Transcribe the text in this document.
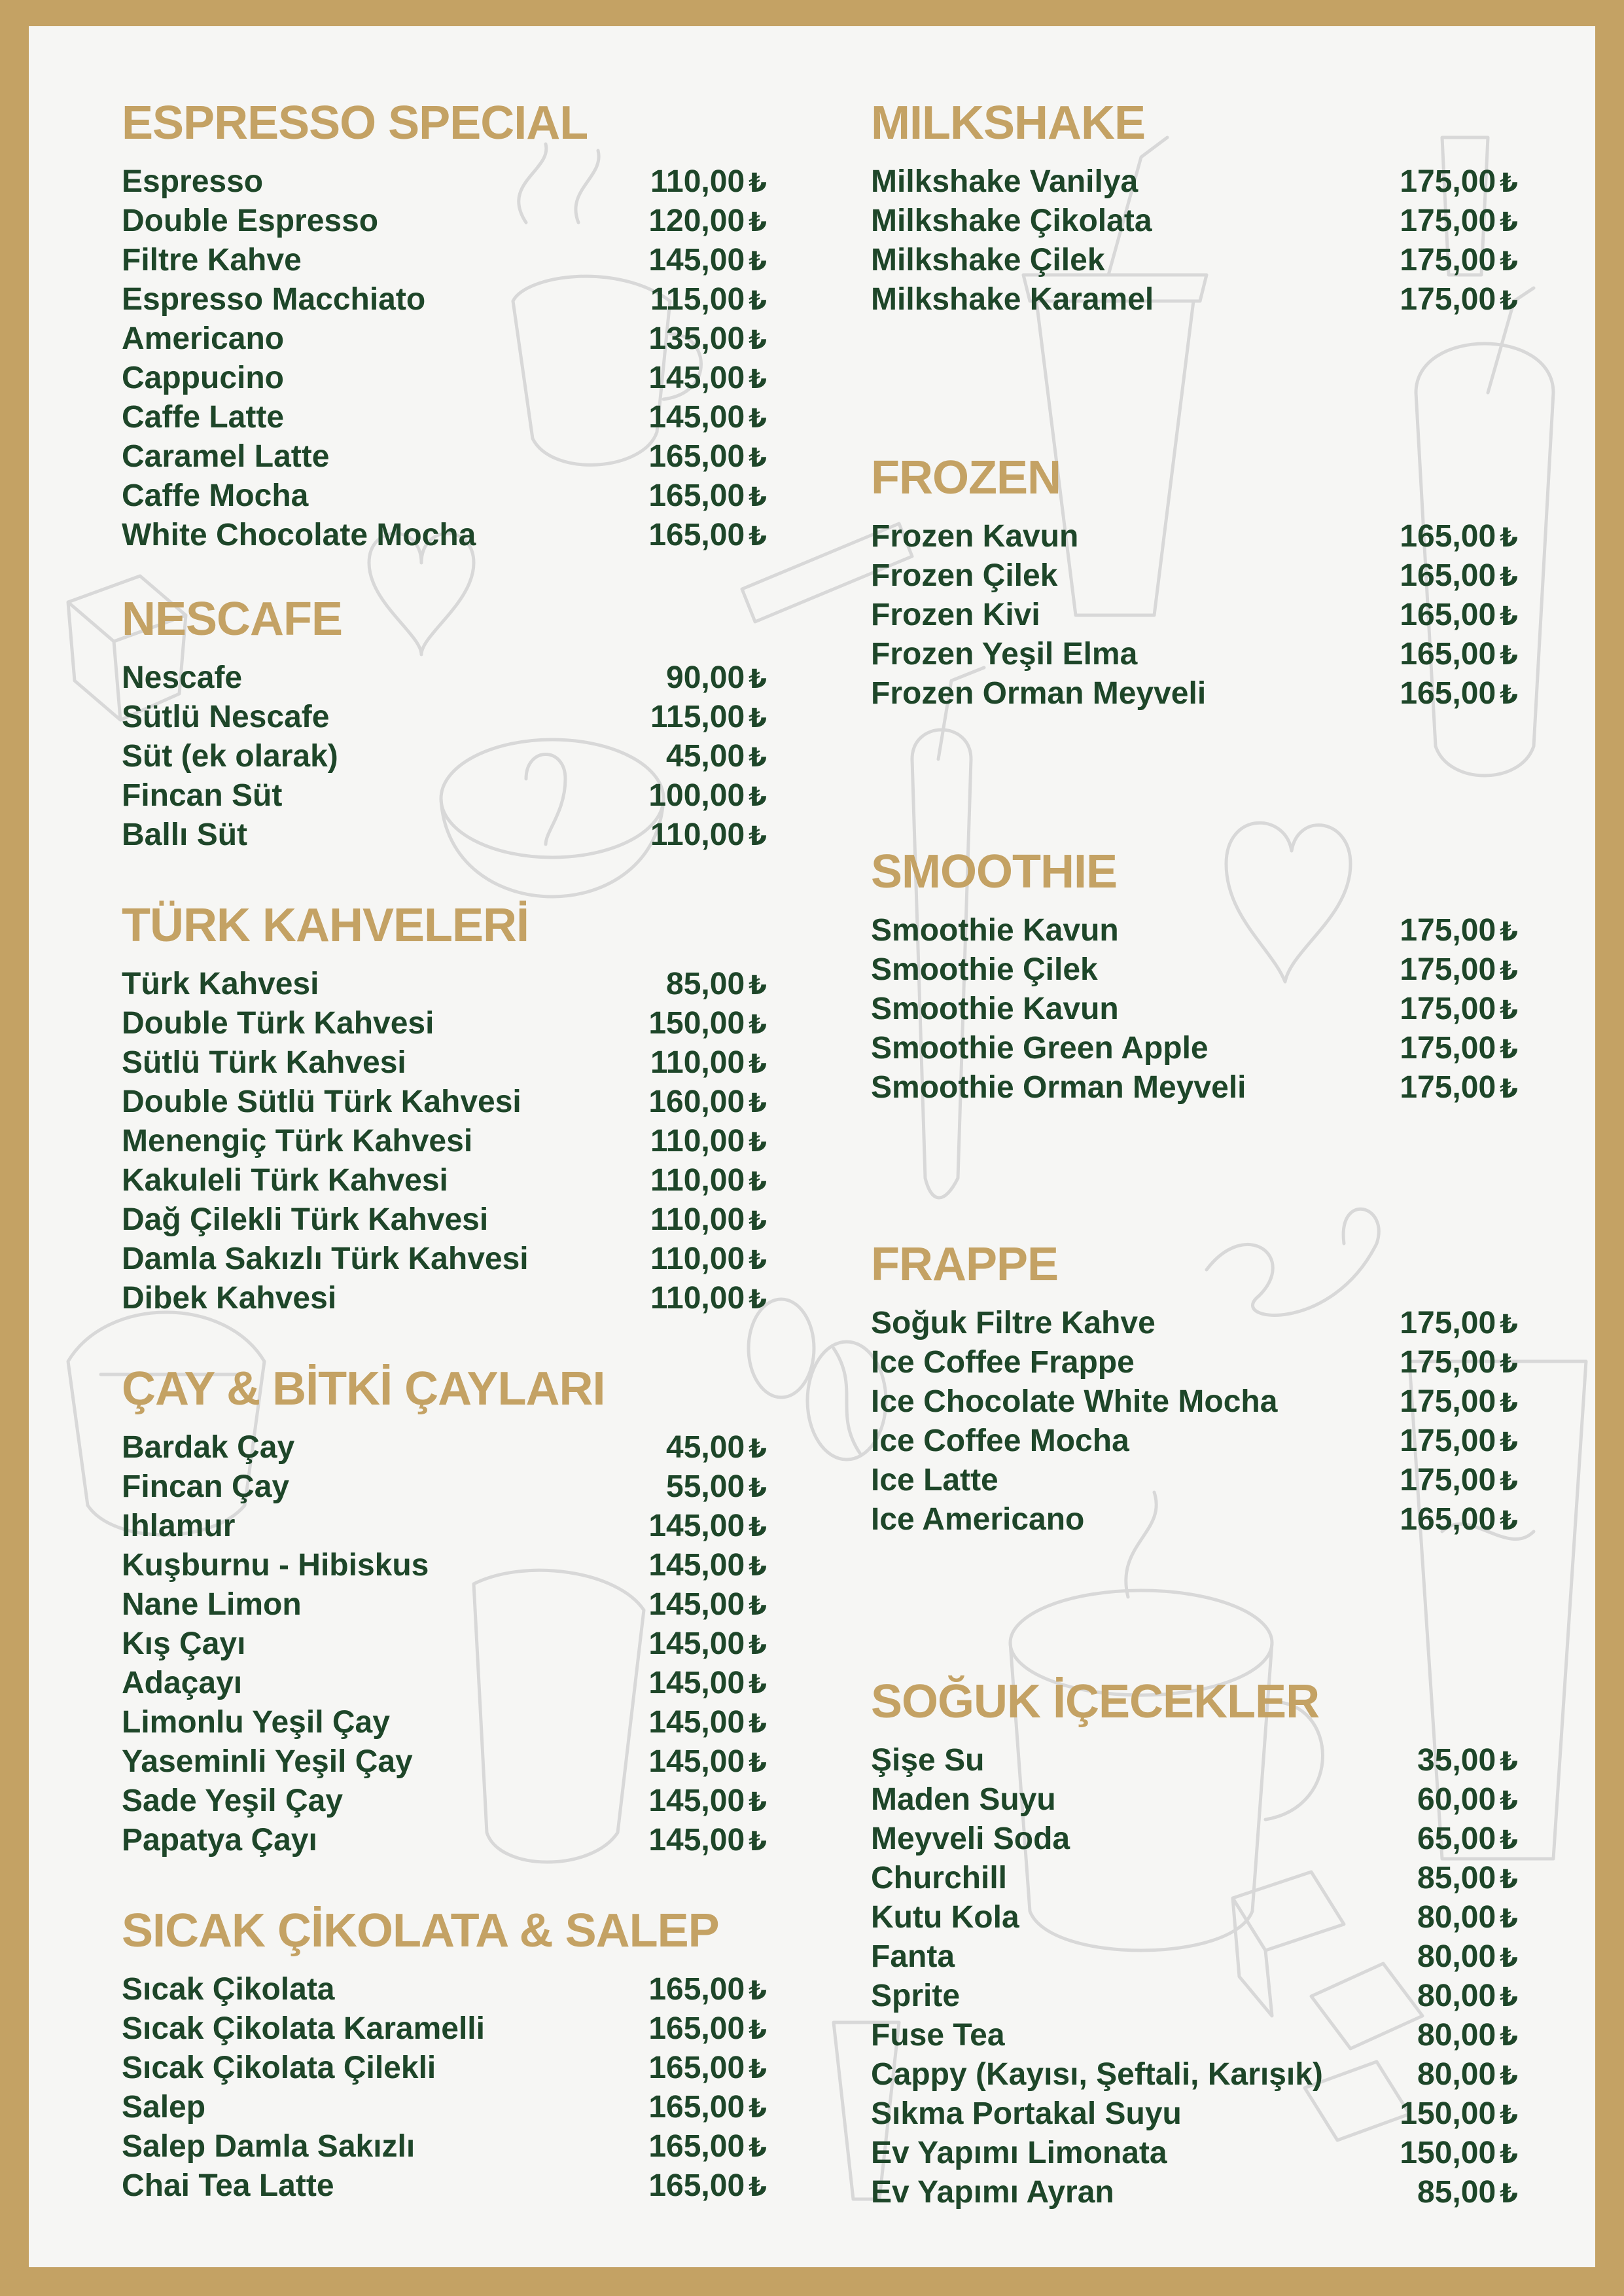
ESPRESSO SPECIAL
Espresso	110,00 ₺
Double Espresso	120,00 ₺
Filtre Kahve	145,00 ₺
Espresso Macchiato	115,00 ₺
Americano	135,00 ₺
Cappucino	145,00 ₺
Caffe Latte	145,00 ₺
Caramel Latte	165,00 ₺
Caffe Mocha	165,00 ₺
White Chocolate Mocha	165,00 ₺
NESCAFE
Nescafe	90,00 ₺
Sütlü Nescafe	115,00 ₺
Süt (ek olarak)	45,00 ₺
Fincan Süt	100,00 ₺
Ballı Süt	110,00 ₺
TÜRK KAHVELERİ
Türk Kahvesi	85,00 ₺
Double Türk Kahvesi	150,00 ₺
Sütlü Türk Kahvesi	110,00 ₺
Double Sütlü Türk Kahvesi	160,00 ₺
Menengiç Türk Kahvesi	110,00 ₺
Kakuleli Türk Kahvesi	110,00 ₺
Dağ Çilekli Türk Kahvesi	110,00 ₺
Damla Sakızlı Türk Kahvesi	110,00 ₺
Dibek Kahvesi	110,00 ₺
ÇAY & BİTKİ ÇAYLARI
Bardak Çay	45,00 ₺
Fincan Çay	55,00 ₺
Ihlamur	145,00 ₺
Kuşburnu - Hibiskus	145,00 ₺
Nane Limon	145,00 ₺
Kış Çayı	145,00 ₺
Adaçayı	145,00 ₺
Limonlu Yeşil Çay	145,00 ₺
Yaseminli Yeşil Çay	145,00 ₺
Sade Yeşil Çay	145,00 ₺
Papatya Çayı	145,00 ₺
SICAK ÇİKOLATA & SALEP
Sıcak Çikolata	165,00 ₺
Sıcak Çikolata Karamelli	165,00 ₺
Sıcak Çikolata Çilekli	165,00 ₺
Salep	165,00 ₺
Salep Damla Sakızlı	165,00 ₺
Chai Tea Latte	165,00 ₺
MILKSHAKE
Milkshake Vanilya	175,00 ₺
Milkshake Çikolata	175,00 ₺
Milkshake Çilek	175,00 ₺
Milkshake Karamel	175,00 ₺
FROZEN
Frozen Kavun	165,00 ₺
Frozen Çilek	165,00 ₺
Frozen Kivi	165,00 ₺
Frozen Yeşil Elma	165,00 ₺
Frozen Orman Meyveli	165,00 ₺
SMOOTHIE
Smoothie Kavun	175,00 ₺
Smoothie Çilek	175,00 ₺
Smoothie Kavun	175,00 ₺
Smoothie Green Apple	175,00 ₺
Smoothie Orman Meyveli	175,00 ₺
FRAPPE
Soğuk Filtre Kahve	175,00 ₺
Ice Coffee Frappe	175,00 ₺
Ice Chocolate White Mocha	175,00 ₺
Ice Coffee Mocha	175,00 ₺
Ice Latte	175,00 ₺
Ice Americano	165,00 ₺
SOĞUK İÇECEKLER
Şişe Su	35,00 ₺
Maden Suyu	60,00 ₺
Meyveli Soda	65,00 ₺
Churchill	85,00 ₺
Kutu Kola	80,00 ₺
Fanta	80,00 ₺
Sprite	80,00 ₺
Fuse Tea	80,00 ₺
Cappy (Kayısı, Şeftali, Karışık)	80,00 ₺
Sıkma Portakal Suyu	150,00 ₺
Ev Yapımı Limonata	150,00 ₺
Ev Yapımı Ayran	85,00 ₺
